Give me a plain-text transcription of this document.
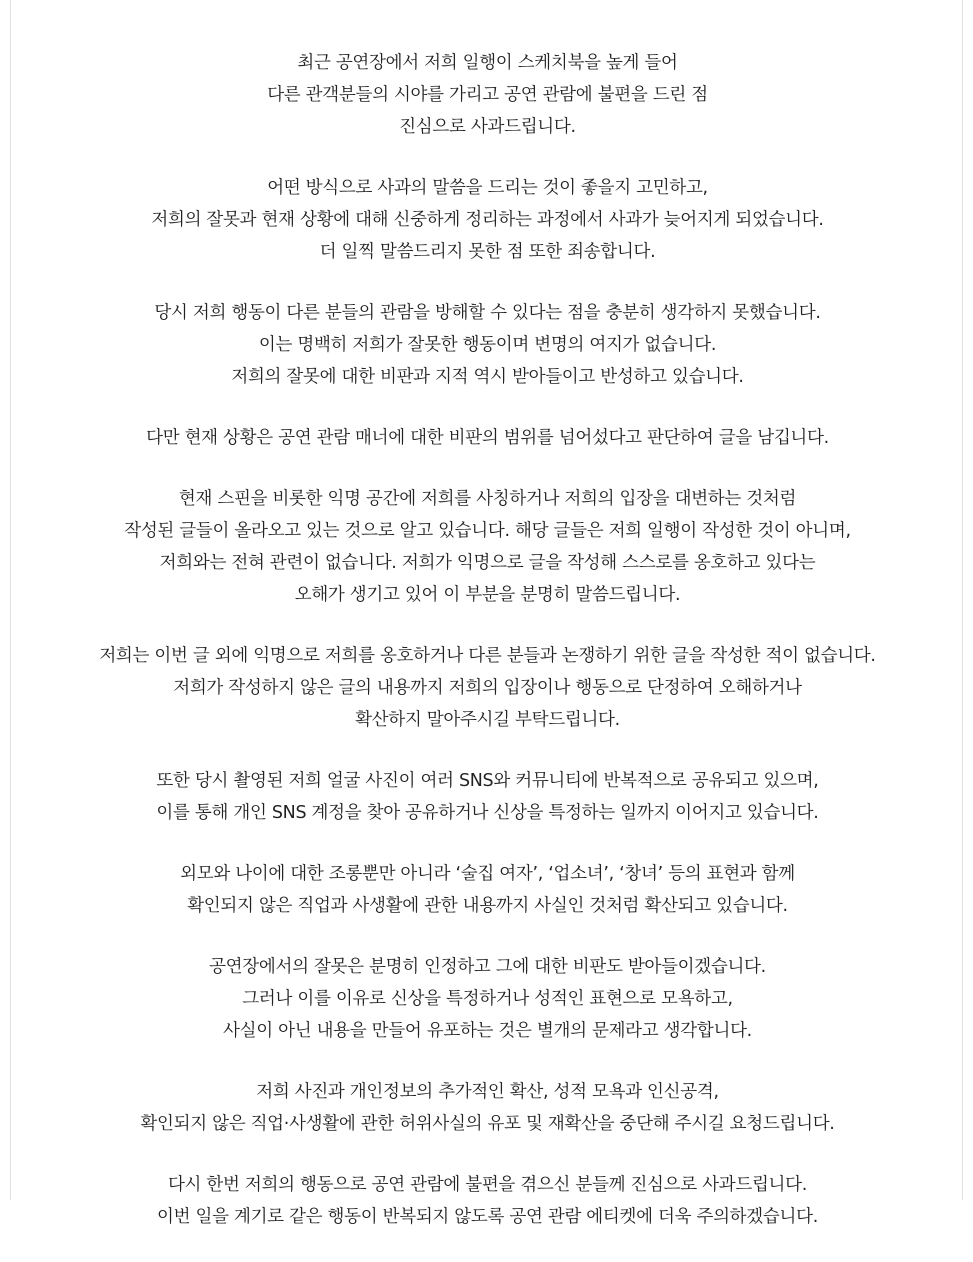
최근 공연장에서 저희 일행이 스케치북을 높게 들어
다른 관객분들의 시야를 가리고 공연 관람에 불편을 드린 점
진심으로 사과드립니다.

어떤 방식으로 사과의 말씀을 드리는 것이 좋을지 고민하고,
저희의 잘못과 현재 상황에 대해 신중하게 정리하는 과정에서 사과가 늦어지게 되었습니다.
더 일찍 말씀드리지 못한 점 또한 죄송합니다.

당시 저희 행동이 다른 분들의 관람을 방해할 수 있다는 점을 충분히 생각하지 못했습니다.
이는 명백히 저희가 잘못한 행동이며 변명의 여지가 없습니다.
저희의 잘못에 대한 비판과 지적 역시 받아들이고 반성하고 있습니다.

다만 현재 상황은 공연 관람 매너에 대한 비판의 범위를 넘어섰다고 판단하여 글을 남깁니다.

현재 스핀을 비롯한 익명 공간에 저희를 사칭하거나 저희의 입장을 대변하는 것처럼
작성된 글들이 올라오고 있는 것으로 알고 있습니다. 해당 글들은 저희 일행이 작성한 것이 아니며,
저희와는 전혀 관련이 없습니다. 저희가 익명으로 글을 작성해 스스로를 옹호하고 있다는
오해가 생기고 있어 이 부분을 분명히 말씀드립니다.

저희는 이번 글 외에 익명으로 저희를 옹호하거나 다른 분들과 논쟁하기 위한 글을 작성한 적이 없습니다.
저희가 작성하지 않은 글의 내용까지 저희의 입장이나 행동으로 단정하여 오해하거나
확산하지 말아주시길 부탁드립니다.

또한 당시 촬영된 저희 얼굴 사진이 여러 SNS와 커뮤니티에 반복적으로 공유되고 있으며,
이를 통해 개인 SNS 계정을 찾아 공유하거나 신상을 특정하는 일까지 이어지고 있습니다.

외모와 나이에 대한 조롱뿐만 아니라 ‘술집 여자’, ‘업소녀’, ‘창녀’ 등의 표현과 함께
확인되지 않은 직업과 사생활에 관한 내용까지 사실인 것처럼 확산되고 있습니다.

공연장에서의 잘못은 분명히 인정하고 그에 대한 비판도 받아들이겠습니다.
그러나 이를 이유로 신상을 특정하거나 성적인 표현으로 모욕하고,
사실이 아닌 내용을 만들어 유포하는 것은 별개의 문제라고 생각합니다.

저희 사진과 개인정보의 추가적인 확산, 성적 모욕과 인신공격,
확인되지 않은 직업·사생활에 관한 허위사실의 유포 및 재확산을 중단해 주시길 요청드립니다.

다시 한번 저희의 행동으로 공연 관람에 불편을 겪으신 분들께 진심으로 사과드립니다.
이번 일을 계기로 같은 행동이 반복되지 않도록 공연 관람 에티켓에 더욱 주의하겠습니다.
